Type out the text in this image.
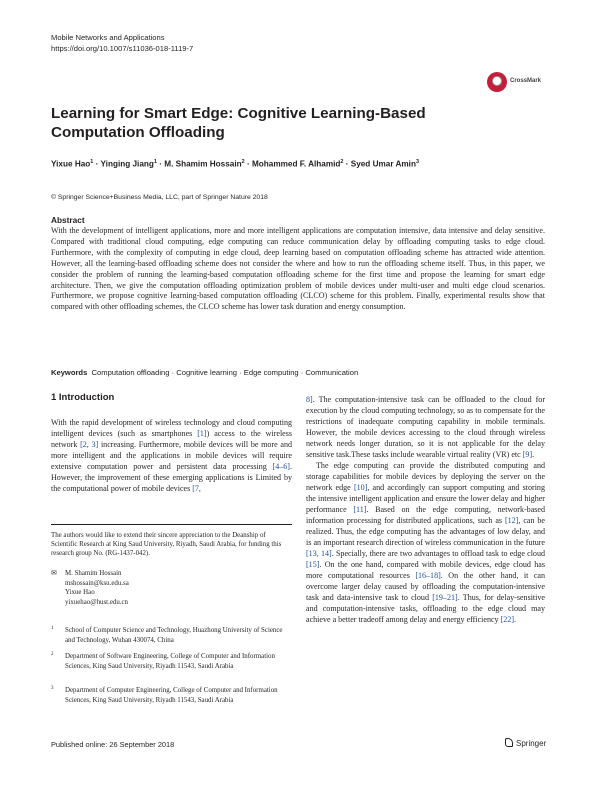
Mobile Networks and Applications
https://doi.org/10.1007/s11036-018-1119-7
CrossMark
Learning for Smart Edge: Cognitive Learning-Based Computation Offloading
Yixue Hao$^1$ · Yinging Jiang$^1$ · M. Shamim Hossain$^2$ · Mohammed F. Alhamid$^2$ · Syed Umar Amin$^3$
© Springer Science+Business Media, LLC, part of Springer Nature 2018
Abstract
With the development of intelligent applications, more and more intelligent applications are computation intensive, data intensive and delay sensitive. Compared with traditional cloud computing, edge computing can reduce communication delay by offloading computing tasks to edge cloud. Furthermore, with the complexity of computing in edge cloud, deep learning based on computation offloading scheme has attracted wide attention. However, all the learning-based offloading scheme does not consider the where and how to run the offloading scheme itself. Thus, in this paper, we consider the problem of running the learning-based computation offloading scheme for the first time and propose the learning for smart edge architecture. Then, we give the computation offloading optimization problem of mobile devices under multi-user and multi edge cloud scenarios. Furthermore, we propose cognitive learning-based computation offloading (CLCO) scheme for this problem. Finally, experimental results show that compared with other offloading schemes, the CLCO scheme has lower task duration and energy consumption.
Keywords Computation offloading · Cognitive learning · Edge computing · Communication
1 Introduction

With the rapid development of wireless technology and cloud computing intelligent devices (such as smartphones [1]) access to the wireless network [2, 3] increasing. Furthermore, mobile devices will be more and more intelligent and the applications in mobile devices will require extensive computation power and persistent data processing [4–6]. However, the improvement of these emerging applications is Limited by the computational power of mobile devices [7,

8]. The computation-intensive task can be offloaded to the cloud for execution by the cloud computing technology, so as to compensate for the restrictions of inadequate computing capability in mobile terminals. However, the mobile devices accessing to the cloud through wireless network needs longer duration, so it is not applicable for the delay sensitive task.These tasks include wearable virtual reality (VR) etc [9].

The edge computing can provide the distributed computing and storage capabilities for mobile devices by deploying the server on the network edge [10], and accordingly can support computing and storing the intensive intelligent application and ensure the lower delay and higher performance [11]. Based on the edge computing, network-based information processing for distributed applications, such as [12], can be realized. Thus, the edge computing has the advantages of low delay, and is an important research direction of wireless communication in the future [13, 14]. Specially, there are two advantages to offload task to edge cloud [15]. On the one hand, compared with mobile devices, edge cloud has more computational resources [16–18]. On the other hand, it can overcome larger delay caused by offloading the computation-intensive task and data-intensive task to cloud [19–21]. Thus, for delay-sensitive and computation-intensive tasks, offloading to the edge cloud may achieve a better tradeoff among delay and energy efficiency [22].

The authors would like to extend their sincere appreciation to the Deanship of Scientific Research at King Saud University, Riyadh, Saudi Arabia, for funding this research group No. (RG-1437-042).
✉ M. Shamim Hossain
mshossain@ksu.edu.sa
Yixue Hao
yixuehao@hust.edu.cn
1 School of Computer Science and Technology, Huazhong University of Science and Technology, Wuhan 430074, China
2 Department of Software Engineering, College of Computer and Information Sciences, King Saud University, Riyadh 11543, Saudi Arabia
3 Department of Computer Engineering, College of Computer and Information Sciences, King Saud University, Riyadh 11543, Saudi Arabia
Published online: 26 September 2018	Springer
